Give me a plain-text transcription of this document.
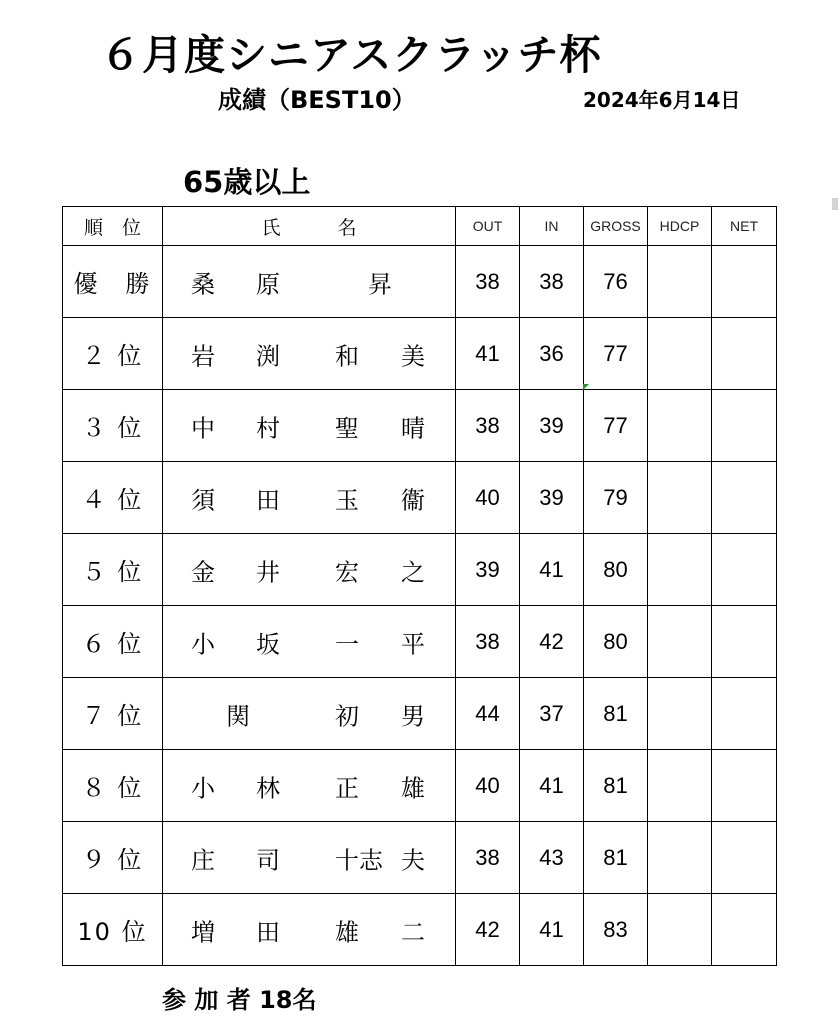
６月度シニアスクラッチ杯
成績（BEST10）	2024年6月14日
65歳以上
順　位	氏　　　名	OUT	IN	GROSS	HDCP	NET
優　勝	桑 原 昇	38	38	76		
２ 位	岩 渕 和 美	41	36	77		
３ 位	中 村 聖 晴	38	39	77		
４ 位	須 田 玉 衞	40	39	79		
５ 位	金 井 宏 之	39	41	80		
６ 位	小 坂 一 平	38	42	80		
７ 位	関 初 男	44	37	81		
８ 位	小 林 正 雄	40	41	81		
９ 位	庄 司 十志 夫	38	43	81		
10 位	増 田 雄 二	42	41	83		
参 加 者 18名
